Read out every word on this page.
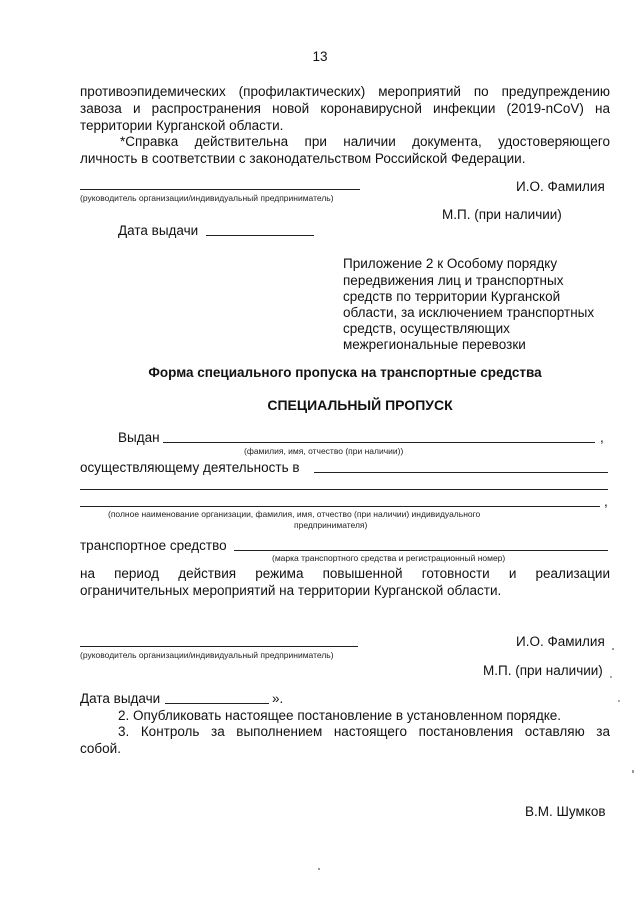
13
противоэпидемических (профилактических) мероприятий по предупреждению
завоза и распространения новой коронавирусной инфекции (2019-nCoV) на
территории Курганской области.
*Справка действительна при наличии документа, удостоверяющего
личность в соответствии с законодательством Российской Федерации.
И.О. Фамилия
(руководитель организации/индивидуальный предприниматель)
М.П. (при наличии)
Дата выдачи
Приложение 2 к Особому порядку
передвижения лиц и транспортных
средств по территории Курганской
области, за исключением транспортных
средств, осуществляющих
межрегиональные перевозки
Форма специального пропуска на транспортные средства
СПЕЦИАЛЬНЫЙ ПРОПУСК
Выдан	,
(фамилия, имя, отчество (при наличии))
осуществляющему деятельность в
,
(полное наименование организации, фамилия, имя, отчество (при наличии) индивидуального
предпринимателя)
транспортное средство
(марка транспортного средства и регистрационный номер)
на период действия режима повышенной готовности и реализации
ограничительных мероприятий на территории Курганской области.
И.О. Фамилия
(руководитель организации/индивидуальный предприниматель)
М.П. (при наличии)
Дата выдачи	».
2. Опубликовать настоящее постановление в установленном порядке.
3. Контроль за выполнением настоящего постановления оставляю за
собой.
В.М. Шумков
